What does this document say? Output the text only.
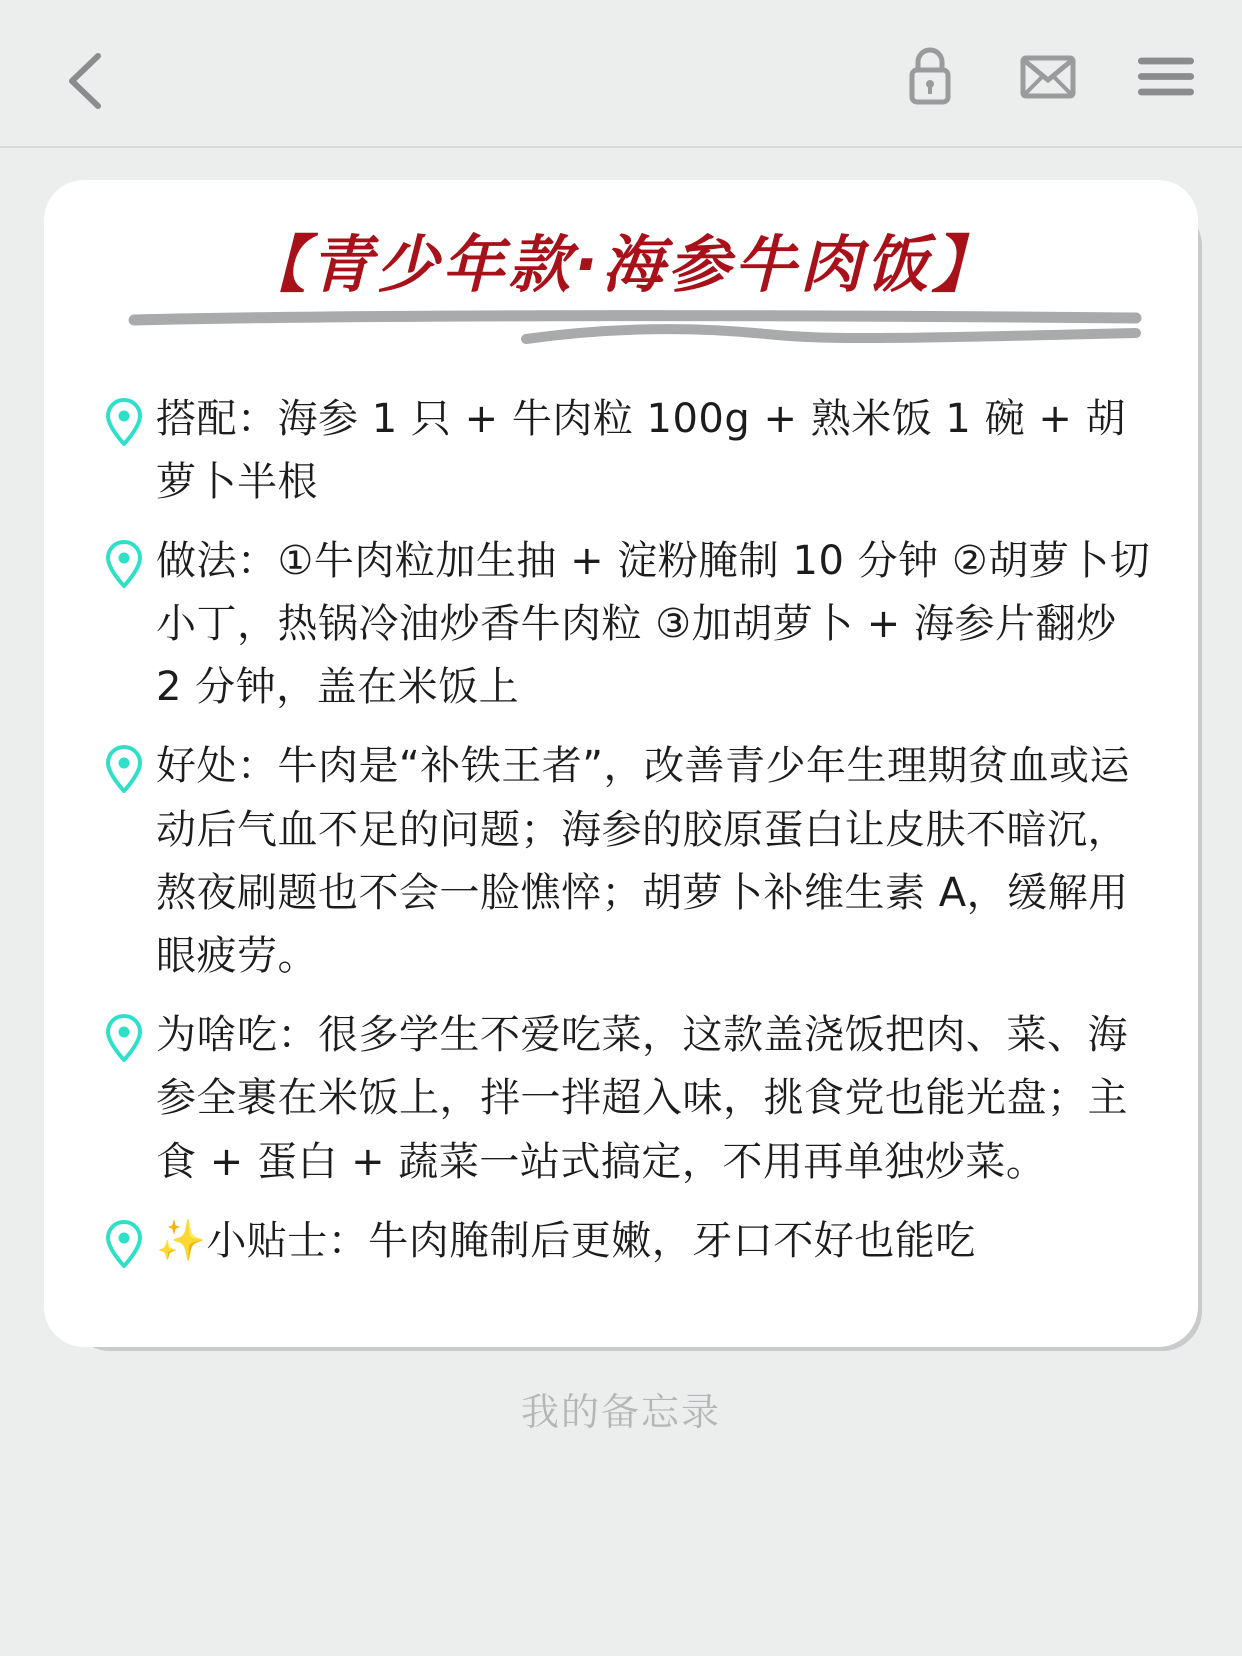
【青少年款·海参牛肉饭】
搭配：海参 1 只 + 牛肉粒 100g + 熟米饭 1 碗 + 胡萝卜半根
做法：①牛肉粒加生抽 + 淀粉腌制 10 分钟 ②胡萝卜切小丁，热锅冷油炒香牛肉粒 ③加胡萝卜 + 海参片翻炒 2 分钟，盖在米饭上
好处：牛肉是“补铁王者”，改善青少年生理期贫血或运动后气血不足的问题；海参的胶原蛋白让皮肤不暗沉，熬夜刷题也不会一脸憔悴；胡萝卜补维生素 A，缓解用眼疲劳。
为啥吃：很多学生不爱吃菜，这款盖浇饭把肉、菜、海参全裹在米饭上，拌一拌超入味，挑食党也能光盘；主食 + 蛋白 + 蔬菜一站式搞定，不用再单独炒菜。
✨小贴士：牛肉腌制后更嫩，牙口不好也能吃
我的备忘录
